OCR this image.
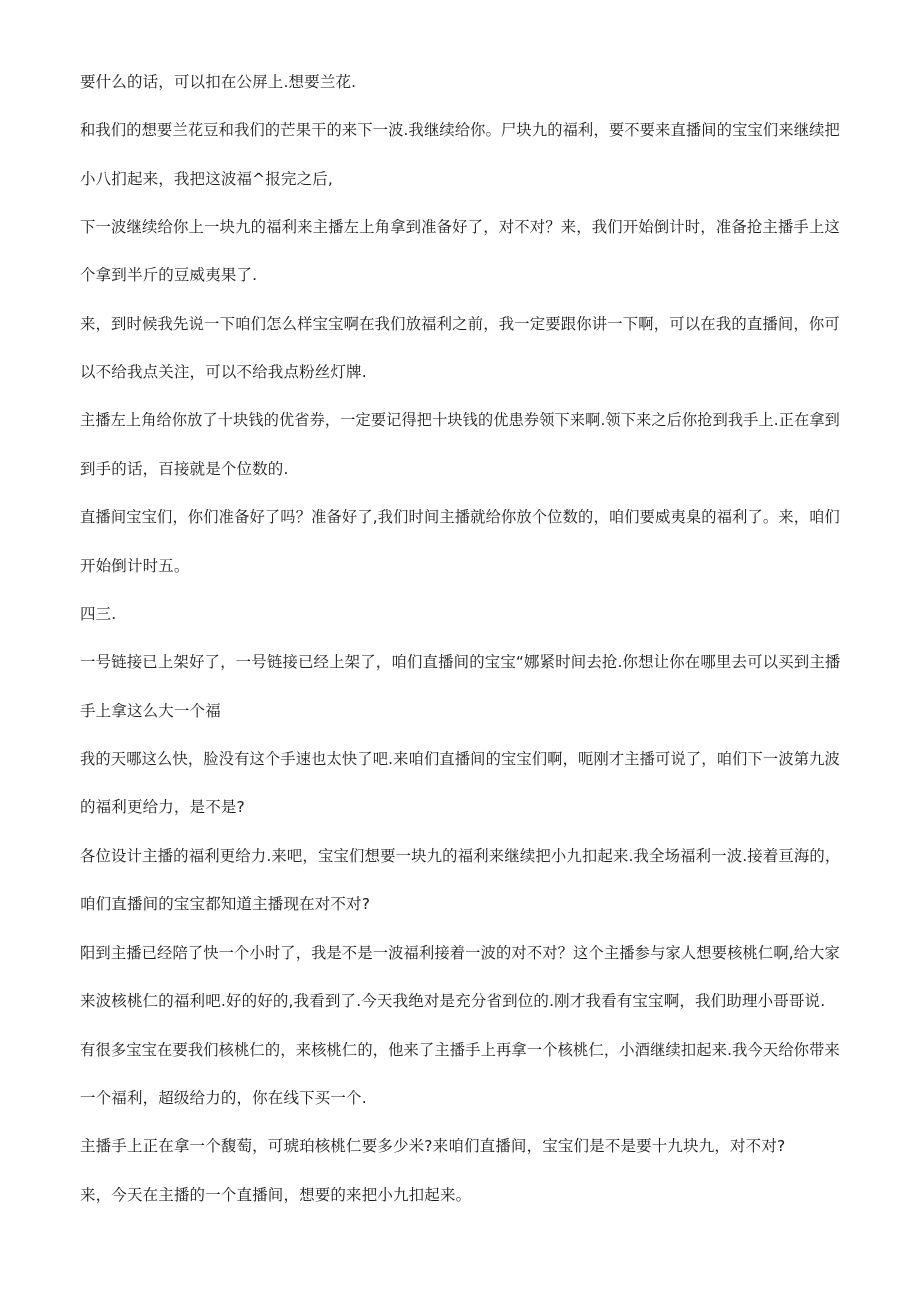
要什么的话，可以扣在公屏上.想要兰花.
和我们的想要兰花豆和我们的芒果干的来下一波.我继续给你。尸块九的福利，要不要来直播间的宝宝们来继续把
小八扪起来，我把这波福^报完之后,
下一波继续给你上一块九的福利来主播左上角拿到准备好了，对不对？来，我们开始倒计时，准备抢主播手上这
个拿到半斤的豆威夷果了.
来，到时候我先说一下咱们怎么样宝宝啊在我们放福利之前，我一定要跟你讲一下啊，可以在我的直播间，你可
以不给我点关注，可以不给我点粉丝灯牌.
主播左上角给你放了十块钱的优省券，一定要记得把十块钱的优患券领下来啊.领下来之后你抢到我手上.正在拿到
到手的话，百接就是个位数的.
直播间宝宝们，你们准备好了吗？准备好了,我们时间主播就给你放个位数的，咱们要威夷臬的福利了。来，咱们
开始倒计时五。
四三.
一号链接已上架好了，一号链接已经上架了，咱们直播间的宝宝“娜紧时间去抢.你想让你在哪里去可以买到主播
手上拿这么大一个福
我的天哪这么快，脸没有这个手速也太快了吧.来咱们直播间的宝宝们啊，呃刚才主播可说了，咱们下一波第九波
的福利更给力，是不是?
各位设计主播的福利更给力.来吧，宝宝们想要一块九的福利来继续把小九扣起来.我全场福利一波.接着亘海的，
咱们直播间的宝宝都知道主播现在对不对?
阳到主播已经陪了快一个小时了，我是不是一波福利接着一波的对不对？这个主播参与家人想要核桃仁啊,给大家
来波核桃仁的福利吧.好的好的,我看到了.今天我绝对是充分省到位的.刚才我看有宝宝啊，我们助理小哥哥说.
有很多宝宝在要我们核桃仁的，来核桃仁的，他来了主播手上再拿一个核桃仁，小酒继续扣起来.我今天给你带来
一个福利，超级给力的，你在线下买一个.
主播手上正在拿一个馥萄，可琥珀核桃仁要多少米?来咱们直播间，宝宝们是不是要十九块九，对不对?
来，今天在主播的一个直播间，想要的来把小九扣起来。
